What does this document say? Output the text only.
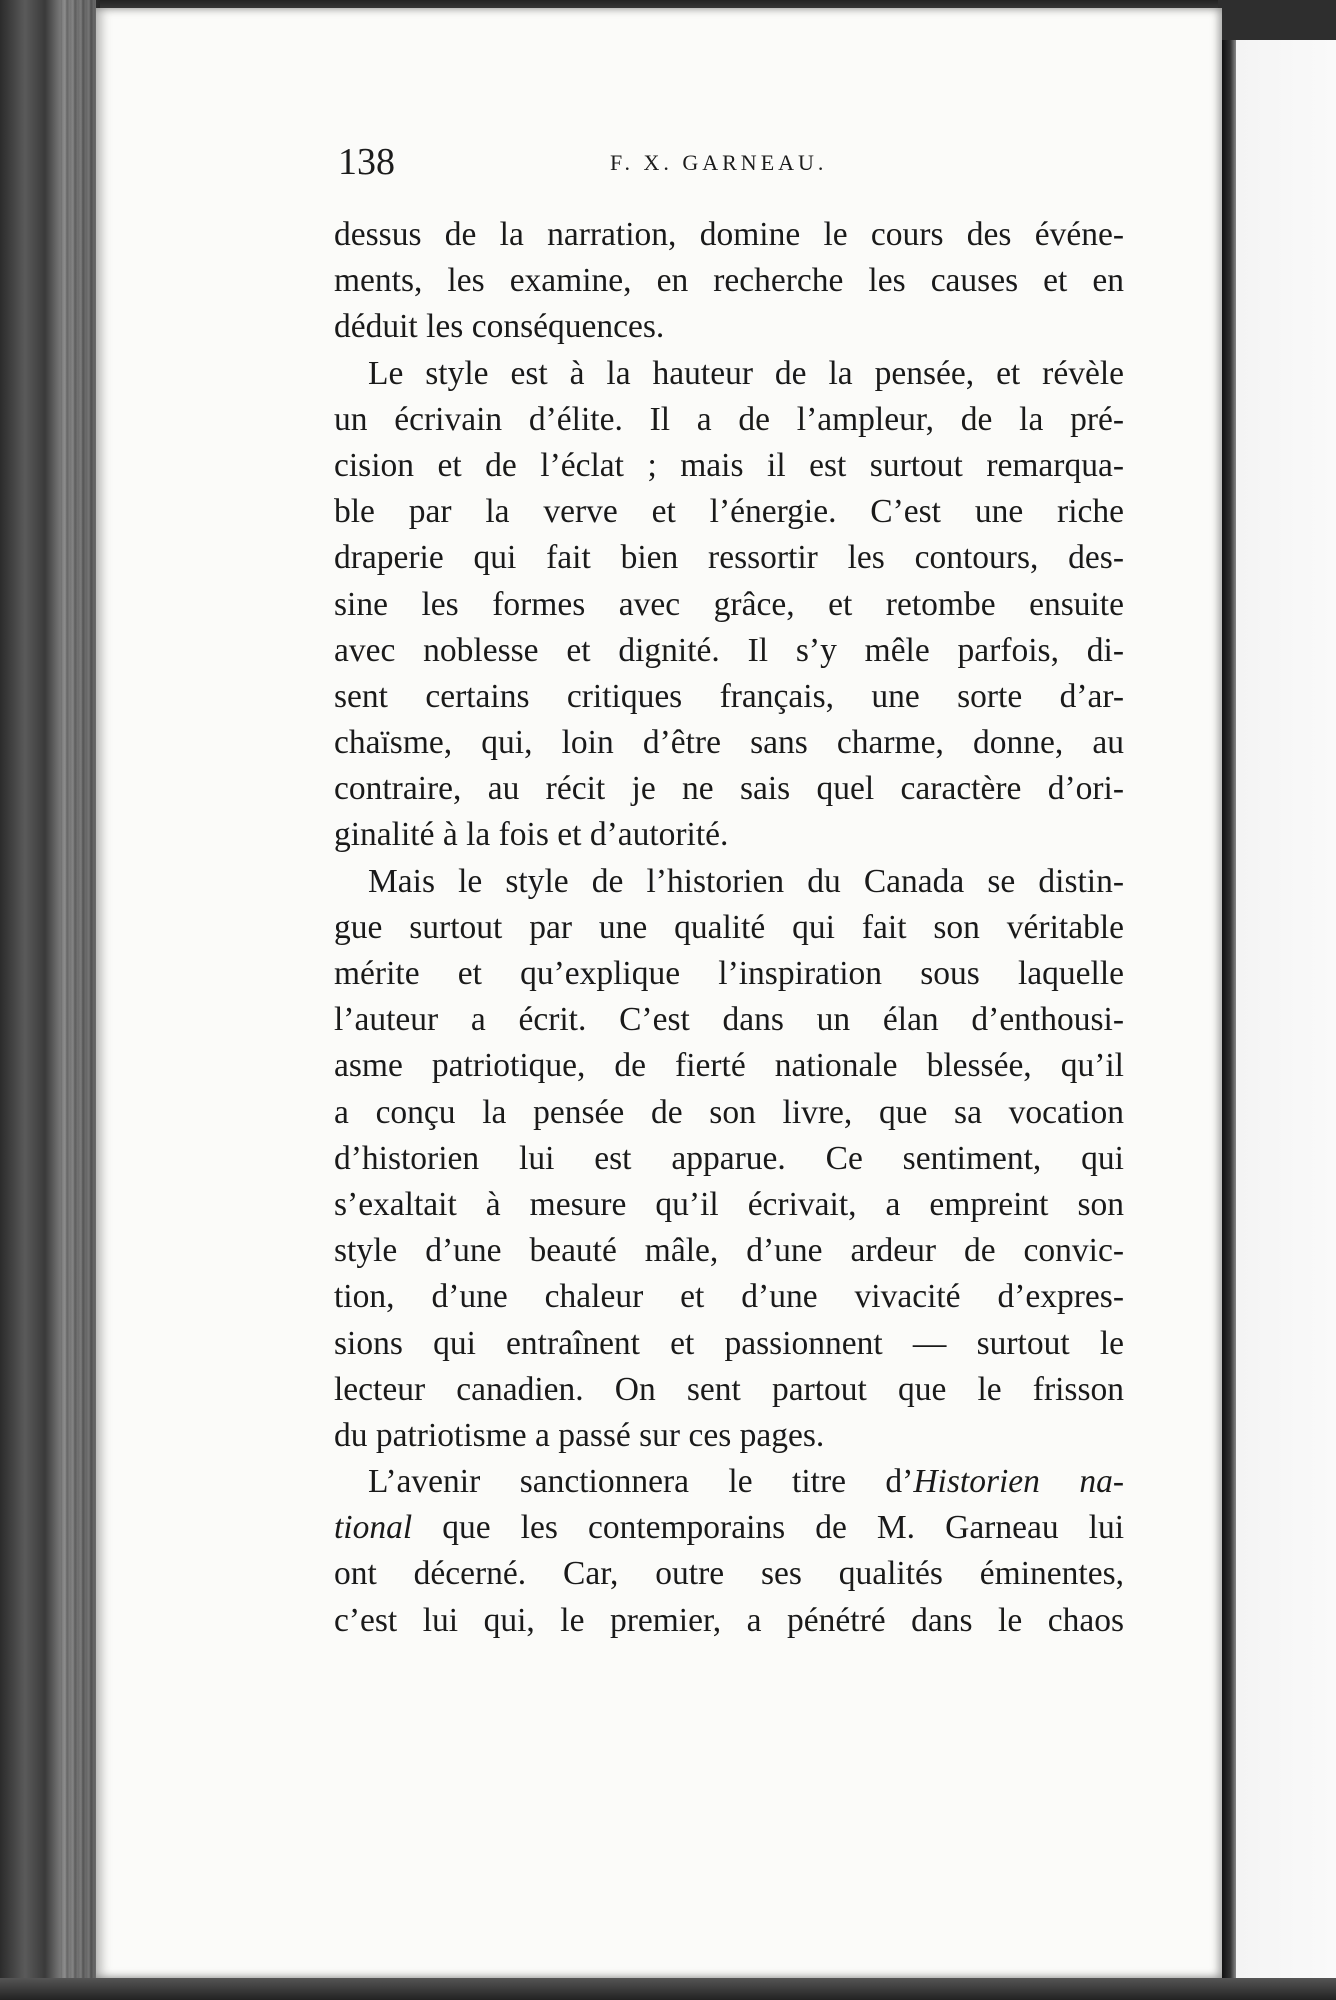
138	F. X. GARNEAU.
dessus de la narration, domine le cours des événe-
ments, les examine, en recherche les causes et en
déduit les conséquences.
Le style est à la hauteur de la pensée, et révèle
un écrivain d’élite. Il a de l’ampleur, de la pré-
cision et de l’éclat ; mais il est surtout remarqua-
ble par la verve et l’énergie. C’est une riche
draperie qui fait bien ressortir les contours, des-
sine les formes avec grâce, et retombe ensuite
avec noblesse et dignité. Il s’y mêle parfois, di-
sent certains critiques français, une sorte d’ar-
chaïsme, qui, loin d’être sans charme, donne, au
contraire, au récit je ne sais quel caractère d’ori-
ginalité à la fois et d’autorité.
Mais le style de l’historien du Canada se distin-
gue surtout par une qualité qui fait son véritable
mérite et qu’explique l’inspiration sous laquelle
l’auteur a écrit. C’est dans un élan d’enthousi-
asme patriotique, de fierté nationale blessée, qu’il
a conçu la pensée de son livre, que sa vocation
d’historien lui est apparue. Ce sentiment, qui
s’exaltait à mesure qu’il écrivait, a empreint son
style d’une beauté mâle, d’une ardeur de convic-
tion, d’une chaleur et d’une vivacité d’expres-
sions qui entraînent et passionnent — surtout le
lecteur canadien. On sent partout que le frisson
du patriotisme a passé sur ces pages.
L’avenir sanctionnera le titre d’Historien na-
tional que les contemporains de M. Garneau lui
ont décerné. Car, outre ses qualités éminentes,
c’est lui qui, le premier, a pénétré dans le chaos
